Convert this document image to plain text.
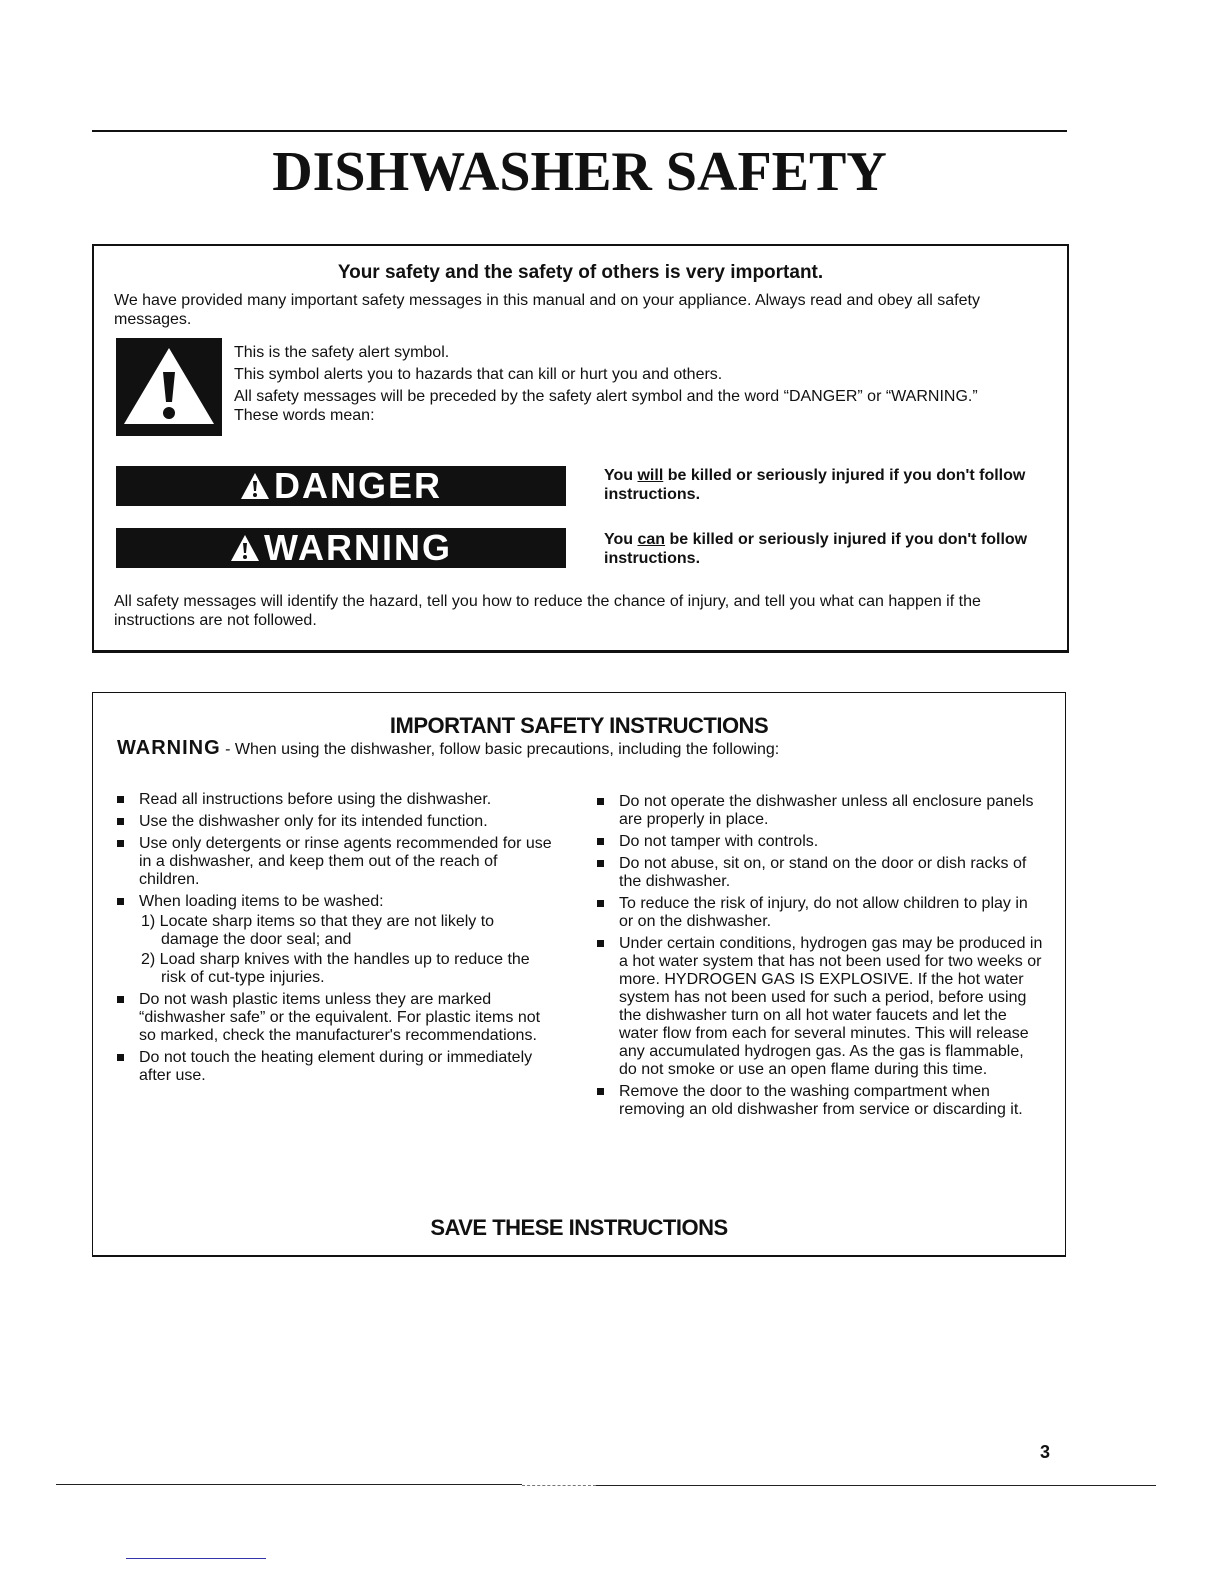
DISHWASHER SAFETY
Your safety and the safety of others is very important.
We have provided many important safety messages in this manual and on your appliance. Always read and obey all safety messages.
This is the safety alert symbol.
This symbol alerts you to hazards that can kill or hurt you and others.
All safety messages will be preceded by the safety alert symbol and the word “DANGER” or “WARNING.” These words mean:
DANGER	You will be killed or seriously injured if you don't follow instructions.
WARNING	You can be killed or seriously injured if you don't follow instructions.
All safety messages will identify the hazard, tell you how to reduce the chance of injury, and tell you what can happen if the instructions are not followed.
IMPORTANT SAFETY INSTRUCTIONS
WARNING - When using the dishwasher, follow basic precautions, including the following:
Read all instructions before using the dishwasher.
Use the dishwasher only for its intended function.
Use only detergents or rinse agents recommended for use in a dishwasher, and keep them out of the reach of children.
When loading items to be washed:
1) Locate sharp items so that they are not likely to damage the door seal; and
2) Load sharp knives with the handles up to reduce the risk of cut-type injuries.
Do not wash plastic items unless they are marked “dishwasher safe” or the equivalent. For plastic items not so marked, check the manufacturer's recommendations.
Do not touch the heating element during or immediately after use.
Do not operate the dishwasher unless all enclosure panels are properly in place.
Do not tamper with controls.
Do not abuse, sit on, or stand on the door or dish racks of the dishwasher.
To reduce the risk of injury, do not allow children to play in or on the dishwasher.
Under certain conditions, hydrogen gas may be produced in a hot water system that has not been used for two weeks or more. HYDROGEN GAS IS EXPLOSIVE. If the hot water system has not been used for such a period, before using the dishwasher turn on all hot water faucets and let the water flow from each for several minutes. This will release any accumulated hydrogen gas. As the gas is flammable, do not smoke or use an open flame during this time.
Remove the door to the washing compartment when removing an old dishwasher from service or discarding it.
SAVE THESE INSTRUCTIONS
3
